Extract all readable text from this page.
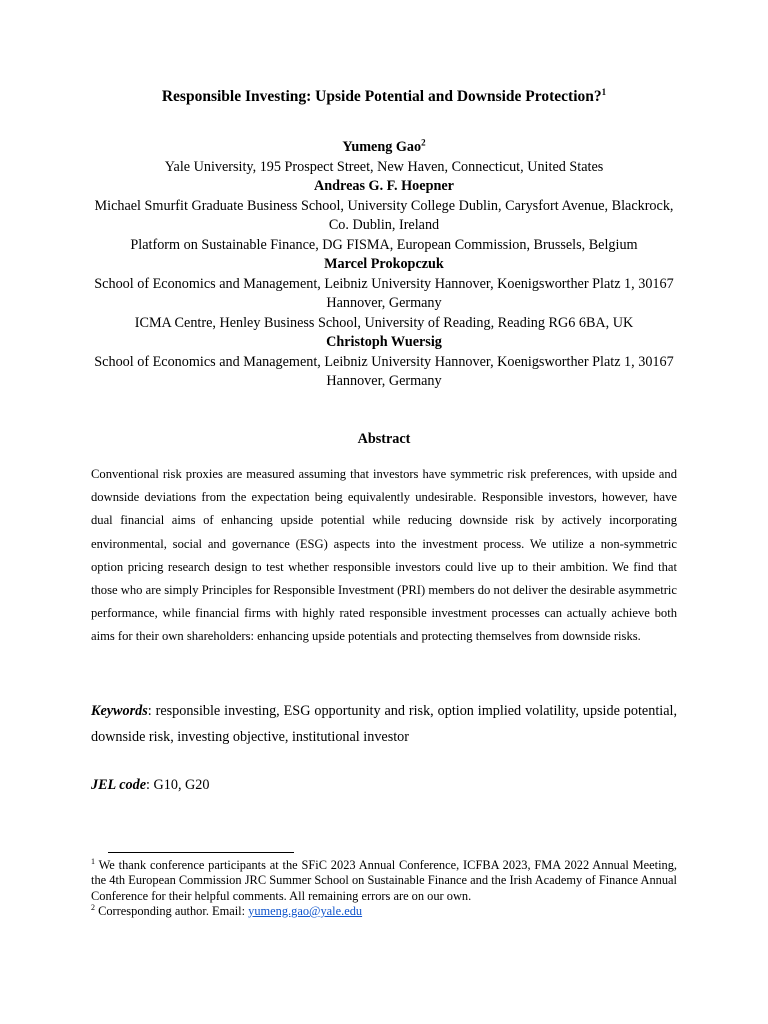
Responsible Investing: Upside Potential and Downside Protection?$^1$
Yumeng Gao$^2$
Yale University, 195 Prospect Street, New Haven, Connecticut, United States
Andreas G. F. Hoepner
Michael Smurfit Graduate Business School, University College Dublin, Carysfort Avenue, Blackrock, Co. Dublin, Ireland
Platform on Sustainable Finance, DG FISMA, European Commission, Brussels, Belgium
Marcel Prokopczuk
School of Economics and Management, Leibniz University Hannover, Koenigsworther Platz 1, 30167 Hannover, Germany
ICMA Centre, Henley Business School, University of Reading, Reading RG6 6BA, UK
Christoph Wuersig
School of Economics and Management, Leibniz University Hannover, Koenigsworther Platz 1, 30167 Hannover, Germany
Abstract
Conventional risk proxies are measured assuming that investors have symmetric risk preferences, with upside and downside deviations from the expectation being equivalently undesirable. Responsible investors, however, have dual financial aims of enhancing upside potential while reducing downside risk by actively incorporating environmental, social and governance (ESG) aspects into the investment process. We utilize a non-symmetric option pricing research design to test whether responsible investors could live up to their ambition. We find that those who are simply Principles for Responsible Investment (PRI) members do not deliver the desirable asymmetric performance, while financial firms with highly rated responsible investment processes can actually achieve both aims for their own shareholders: enhancing upside potentials and protecting themselves from downside risks.
Keywords: responsible investing, ESG opportunity and risk, option implied volatility, upside potential, downside risk, investing objective, institutional investor
JEL code: G10, G20

$^1$ We thank conference participants at the SFiC 2023 Annual Conference, ICFBA 2023, FMA 2022 Annual Meeting, the 4th European Commission JRC Summer School on Sustainable Finance and the Irish Academy of Finance Annual Conference for their helpful comments. All remaining errors are on our own.

$^2$ Corresponding author. Email: yumeng.gao@yale.edu
